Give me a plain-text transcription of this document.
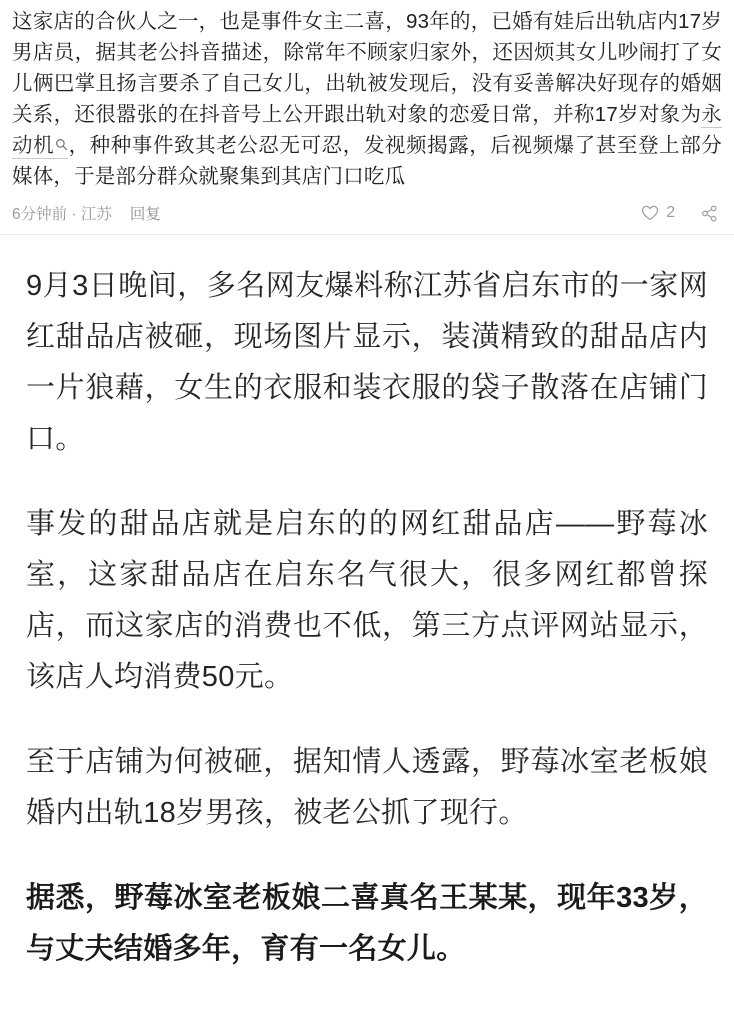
这家店的合伙人之一，也是事件女主二喜，93年的，已婚有娃后出轨店内17岁男店员，据其老公抖音描述，除常年不顾家归家外，还因烦其女儿吵闹打了女儿俩巴掌且扬言要杀了自己女儿，出轨被发现后，没有妥善解决好现存的婚姻关系，还很嚣张的在抖音号上公开跟出轨对象的恋爱日常，并称17岁对象为永动机 ，种种事件致其老公忍无可忍，发视频揭露，后视频爆了甚至登上部分媒体，于是部分群众就聚集到其店门口吃瓜

6分钟前 · 江苏 回复	2

9月3日晚间，多名网友爆料称江苏省启东市的一家网红甜品店被砸，现场图片显示，装潢精致的甜品店内一片狼藉，女生的衣服和装衣服的袋子散落在店铺门口。

事发的甜品店就是启东的的网红甜品店——野莓冰室，这家甜品店在启东名气很大，很多网红都曾探店，而这家店的消费也不低，第三方点评网站显示，该店人均消费50元。

至于店铺为何被砸，据知情人透露，野莓冰室老板娘婚内出轨18岁男孩，被老公抓了现行。

据悉，野莓冰室老板娘二喜真名王某某，现年33岁，与丈夫结婚多年，育有一名女儿。
